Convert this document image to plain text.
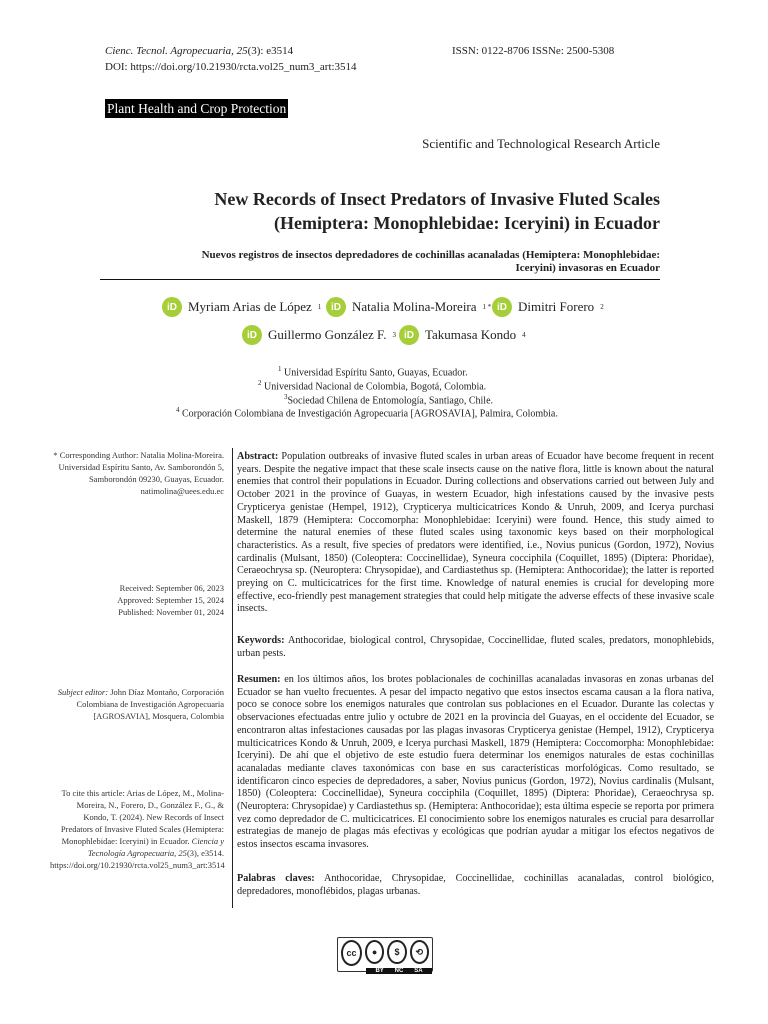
Cienc. Tecnol. Agropecuaria, 25(3): e3514
DOI: https://doi.org/10.21930/rcta.vol25_num3_art:3514
ISSN: 0122-8706 ISSNe: 2500-5308
Plant Health and Crop Protection
Scientific and Technological Research Article
New Records of Insect Predators of Invasive Fluted Scales
(Hemiptera: Monophlebidae: Iceryini) in Ecuador
Nuevos registros de insectos depredadores de cochinillas acanaladas (Hemiptera: Monophlebidae:
Iceryini) invasoras en Ecuador
iD Myriam Arias de López 1 iD Natalia Molina-Moreira 1 * iD Dimitri Forero 2
iD Guillermo González F. 3 iD Takumasa Kondo 4
$^1$ Universidad Espíritu Santo, Guayas, Ecuador.
$^2$ Universidad Nacional de Colombia, Bogotá, Colombia.
$^3$Sociedad Chilena de Entomología, Santiago, Chile.
$^4$ Corporación Colombiana de Investigación Agropecuaria [AGROSAVIA], Palmira, Colombia.
* Corresponding Author: Natalia Molina-Moreira. Universidad Espíritu Santo, Av. Samborondón 5, Samborondón 09230, Guayas, Ecuador. natimolina@uees.edu.ec
Received: September 06, 2023
Approved: September 15, 2024
Published: November 01, 2024
Subject editor: John Díaz Montaño, Corporación Colombiana de Investigación Agropecuaria [AGROSAVIA], Mosquera, Colombia
To cite this article: Arias de López, M., Molina-Moreira, N., Forero, D., González F., G., & Kondo, T. (2024). New Records of Insect Predators of Invasive Fluted Scales (Hemiptera: Monophlebidae: Iceryini) in Ecuador. Ciencia y Tecnología Agropecuaria, 25(3), e3514. https://doi.org/10.21930/rcta.vol25_num3_art:3514
Abstract: Population outbreaks of invasive fluted scales in urban areas of Ecuador have become frequent in recent years. Despite the negative impact that these scale insects cause on the native flora, little is known about the natural enemies that control their populations in Ecuador. During collections and observations carried out between July and October 2021 in the province of Guayas, in western Ecuador, high infestations caused by the invasive pests Crypticerya genistae (Hempel, 1912), Crypticerya multicicatrices Kondo & Unruh, 2009, and Icerya purchasi Maskell, 1879 (Hemiptera: Coccomorpha: Monophlebidae: Iceryini) were found. Hence, this study aimed to determine the natural enemies of these fluted scales using taxonomic keys based on their morphological characteristics. As a result, five species of predators were identified, i.e., Novius punicus (Gordon, 1972), Novius cardinalis (Mulsant, 1850) (Coleoptera: Coccinellidae), Syneura cocciphila (Coquillet, 1895) (Diptera: Phoridae), Ceraeochrysa sp. (Neuroptera: Chrysopidae), and Cardiastethus sp. (Hemiptera: Anthocoridae); the latter is reported preying on C. multicicatrices for the first time. Knowledge of natural enemies is crucial for developing more effective, eco-friendly pest management strategies that could help mitigate the adverse effects of these invasive scale insects.
Keywords: Anthocoridae, biological control, Chrysopidae, Coccinellidae, fluted scales, predators, monophlebids, urban pests.
Resumen: en los últimos años, los brotes poblacionales de cochinillas acanaladas invasoras en zonas urbanas del Ecuador se han vuelto frecuentes. A pesar del impacto negativo que estos insectos escama causan a la flora nativa, poco se conoce sobre los enemigos naturales que controlan sus poblaciones en el Ecuador. Durante las colectas y observaciones efectuadas entre julio y octubre de 2021 en la provincia del Guayas, en el occidente del Ecuador, se encontraron altas infestaciones causadas por las plagas invasoras Crypticerya genistae (Hempel, 1912), Crypticerya multicicatrices Kondo & Unruh, 2009, e Icerya purchasi Maskell, 1879 (Hemiptera: Coccomorpha: Monophlebidae: Iceryini). De ahí que el objetivo de este estudio fuera determinar los enemigos naturales de estas cochinillas acanaladas mediante claves taxonómicas con base en sus características morfológicas. Como resultado, se identificaron cinco especies de depredadores, a saber, Novius punicus (Gordon, 1972), Novius cardinalis (Mulsant, 1850) (Coleoptera: Coccinellidae), Syneura cocciphila (Coquillet, 1895) (Diptera: Phoridae), Ceraeochrysa sp. (Neuroptera: Chrysopidae) y Cardiastethus sp. (Hemiptera: Anthocoridae); esta última especie se reporta por primera vez como depredador de C. multicicatrices. El conocimiento sobre los enemigos naturales es crucial para desarrollar estrategias de manejo de plagas más efectivas y ecológicas que podrían ayudar a mitigar los efectos negativos de estos insectos escama invasores.
Palabras claves: Anthocoridae, Chrysopidae, Coccinellidae, cochinillas acanaladas, control biológico, depredadores, monoflébidos, plagas urbanas.
cc	●	$	⟲
BY NC SA
